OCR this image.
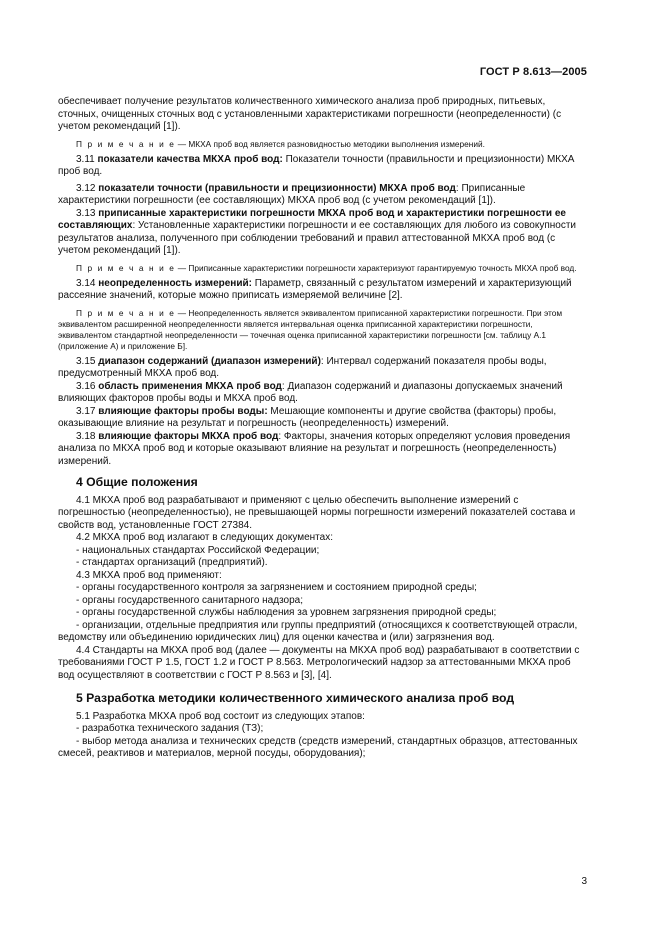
ГОСТ Р 8.613—2005

обеспечивает получение результатов количественного химического анализа проб природных, питьевых, сточных, очищенных сточных вод с установленными характеристиками погрешности (неопределенности) (с учетом рекомендаций [1]).

П р и м е ч а н и е — МКХА проб вод является разновидностью методики выполнения измерений.

3.11 показатели качества МКХА проб вод: Показатели точности (правильности и прецизионности) МКХА проб вод.

3.12 показатели точности (правильности и прецизионности) МКХА проб вод: Приписанные характеристики погрешности (ее составляющих) МКХА проб вод (с учетом рекомендаций [1]).

3.13 приписанные характеристики погрешности МКХА проб вод и характеристики погрешности ее составляющих: Установленные характеристики погрешности и ее составляющих для любого из совокупности результатов анализа, полученного при соблюдении требований и правил аттестованной МКХА проб вод (с учетом рекомендаций [1]).

П р и м е ч а н и е — Приписанные характеристики погрешности характеризуют гарантируемую точность МКХА проб вод.

3.14 неопределенность измерений: Параметр, связанный с результатом измерений и характеризующий рассеяние значений, которые можно приписать измеряемой величине [2].

П р и м е ч а н и е — Неопределенность является эквивалентом приписанной характеристики погрешности. При этом эквивалентом расширенной неопределенности является интервальная оценка приписанной характеристики погрешности, эквивалентом стандартной неопределенности — точечная оценка приписанной характеристики погрешности [см. таблицу А.1 (приложение А) и приложение Б].

3.15 диапазон содержаний (диапазон измерений): Интервал содержаний показателя пробы воды, предусмотренный МКХА проб вод.

3.16 область применения МКХА проб вод: Диапазон содержаний и диапазоны допускаемых значений влияющих факторов пробы воды и МКХА проб вод.

3.17 влияющие факторы пробы воды: Мешающие компоненты и другие свойства (факторы) пробы, оказывающие влияние на результат и погрешность (неопределенность) измерений.

3.18 влияющие факторы МКХА проб вод: Факторы, значения которых определяют условия проведения анализа по МКХА проб вод и которые оказывают влияние на результат и погрешность (неопределенность) измерений.

4 Общие положения

4.1 МКХА проб вод разрабатывают и применяют с целью обеспечить выполнение измерений с погрешностью (неопределенностью), не превышающей нормы погрешности измерений показателей состава и свойств вод, установленные ГОСТ 27384.

4.2 МКХА проб вод излагают в следующих документах:

- национальных стандартах Российской Федерации;

- стандартах организаций (предприятий).

4.3 МКХА проб вод применяют:

- органы государственного контроля за загрязнением и состоянием природной среды;

- органы государственного санитарного надзора;

- органы государственной службы наблюдения за уровнем загрязнения природной среды;

- организации, отдельные предприятия или группы предприятий (относящихся к соответствующей отрасли, ведомству или объединению юридических лиц) для оценки качества и (или) загрязнения вод.

4.4 Стандарты на МКХА проб вод (далее — документы на МКХА проб вод) разрабатывают в соответствии с требованиями ГОСТ Р 1.5, ГОСТ 1.2 и ГОСТ Р 8.563. Метрологический надзор за аттестованными МКХА проб вод осуществляют в соответствии с ГОСТ Р 8.563 и [3], [4].

5 Разработка методики количественного химического анализа проб вод

5.1 Разработка МКХА проб вод состоит из следующих этапов:

- разработка технического задания (ТЗ);

- выбор метода анализа и технических средств (средств измерений, стандартных образцов, аттестованных смесей, реактивов и материалов, мерной посуды, оборудования);

3
